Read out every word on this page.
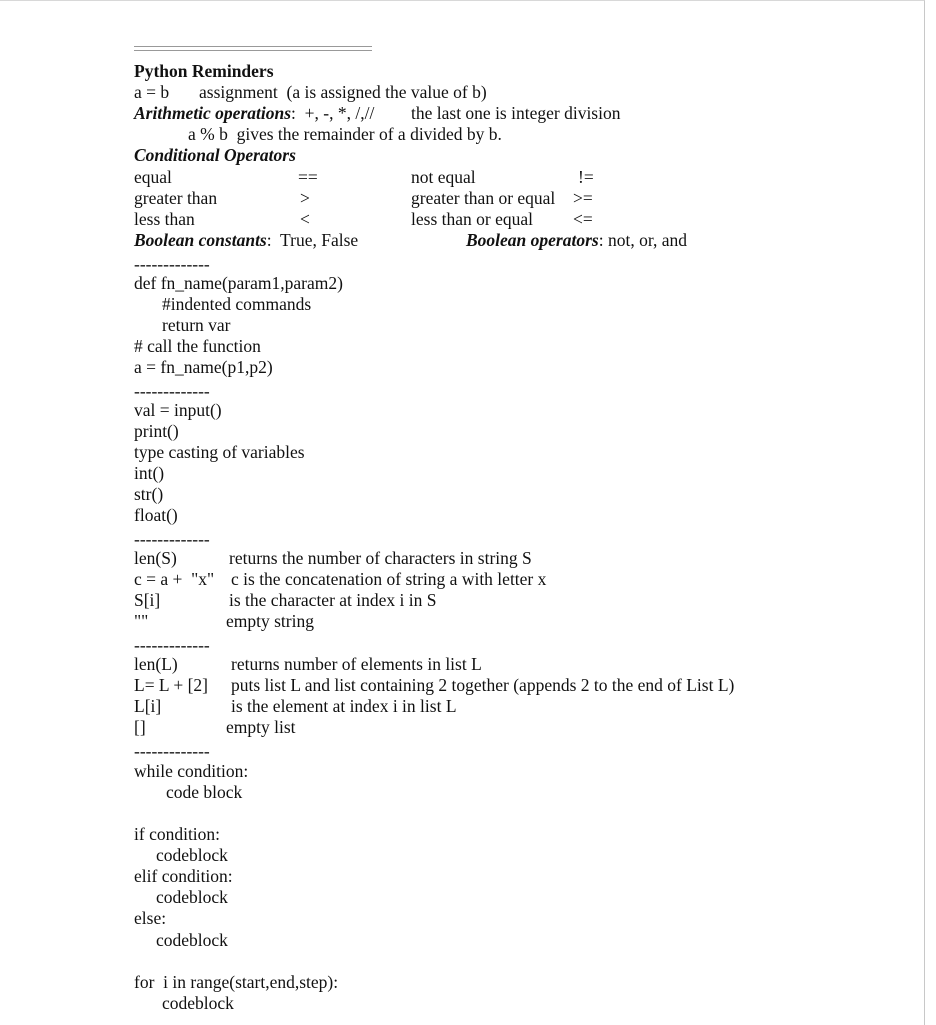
Python Reminders
a = b assignment  (a is assigned the value of b)
Arithmetic operations:  +, -, *, /,// the last one is integer division
a % b  gives the remainder of a divided by b.
Conditional Operators
equal	==	not equal	!=
greater than	>	greater than or equal >=
less than	<	less than or equal <=
Boolean constants:  True, False	Boolean operators: not, or, and
-------------
def fn_name(param1,param2)
#indented commands
return var
# call the function
a = fn_name(p1,p2)
-------------
val = input()
print()
type casting of variables
int()
str()
float()
-------------
len(S)	returns the number of characters in string S
c = a +  "x" c is the concatenation of string a with letter x
S[i]	is the character at index i in S
""	empty string
-------------
len(L)	returns number of elements in list L
L= L + [2] puts list L and list containing 2 together (appends 2 to the end of List L)
L[i]	is the element at index i in list L
[]	empty list
-------------
while condition:
code block
if condition:
codeblock
elif condition:
codeblock
else:
codeblock
for  i in range(start,end,step):
codeblock
